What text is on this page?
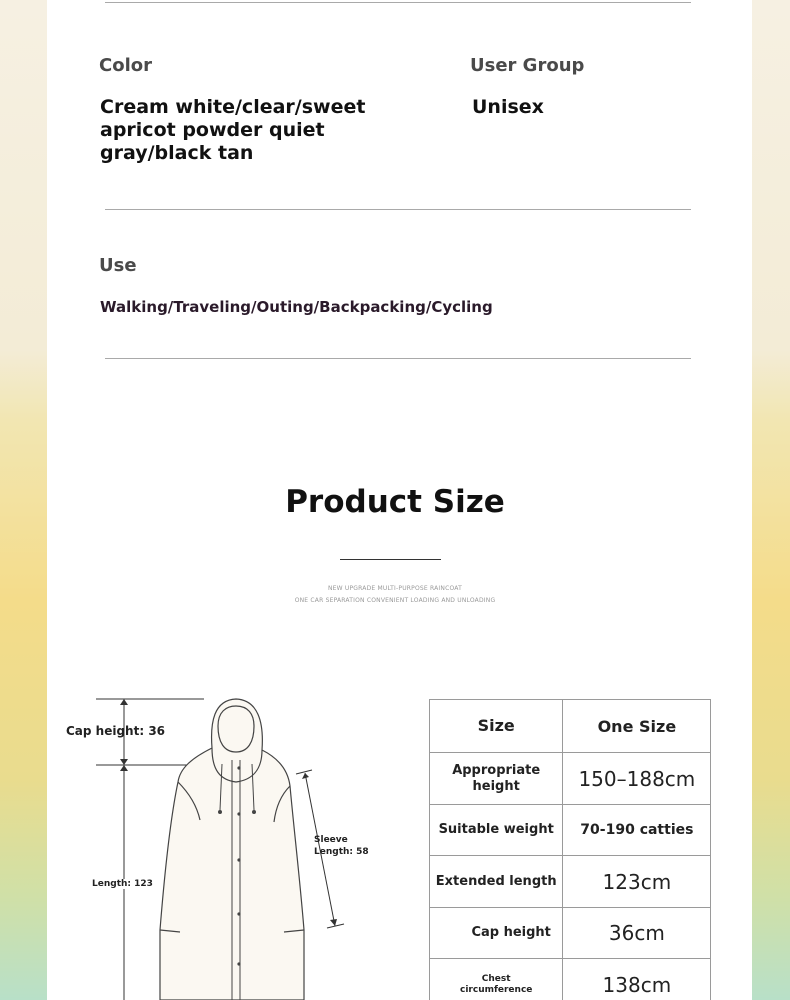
Color
Cream white/clear/sweet apricot powder quiet gray/black tan
User Group
Unisex
Use
Walking/Traveling/Outing/Backpacking/Cycling
Product Size
NEW UPGRADE MULTI-PURPOSE RAINCOAT
ONE CAR SEPARATION CONVENIENT LOADING AND UNLOADING
Cap height: 36
Sleeve
Length: 58
Length: 123
Size	One Size
Appropriate height	150–188cm
Suitable weight	70-190 catties
Extended length	123cm
Cap height	36cm
Chest circumference	138cm
